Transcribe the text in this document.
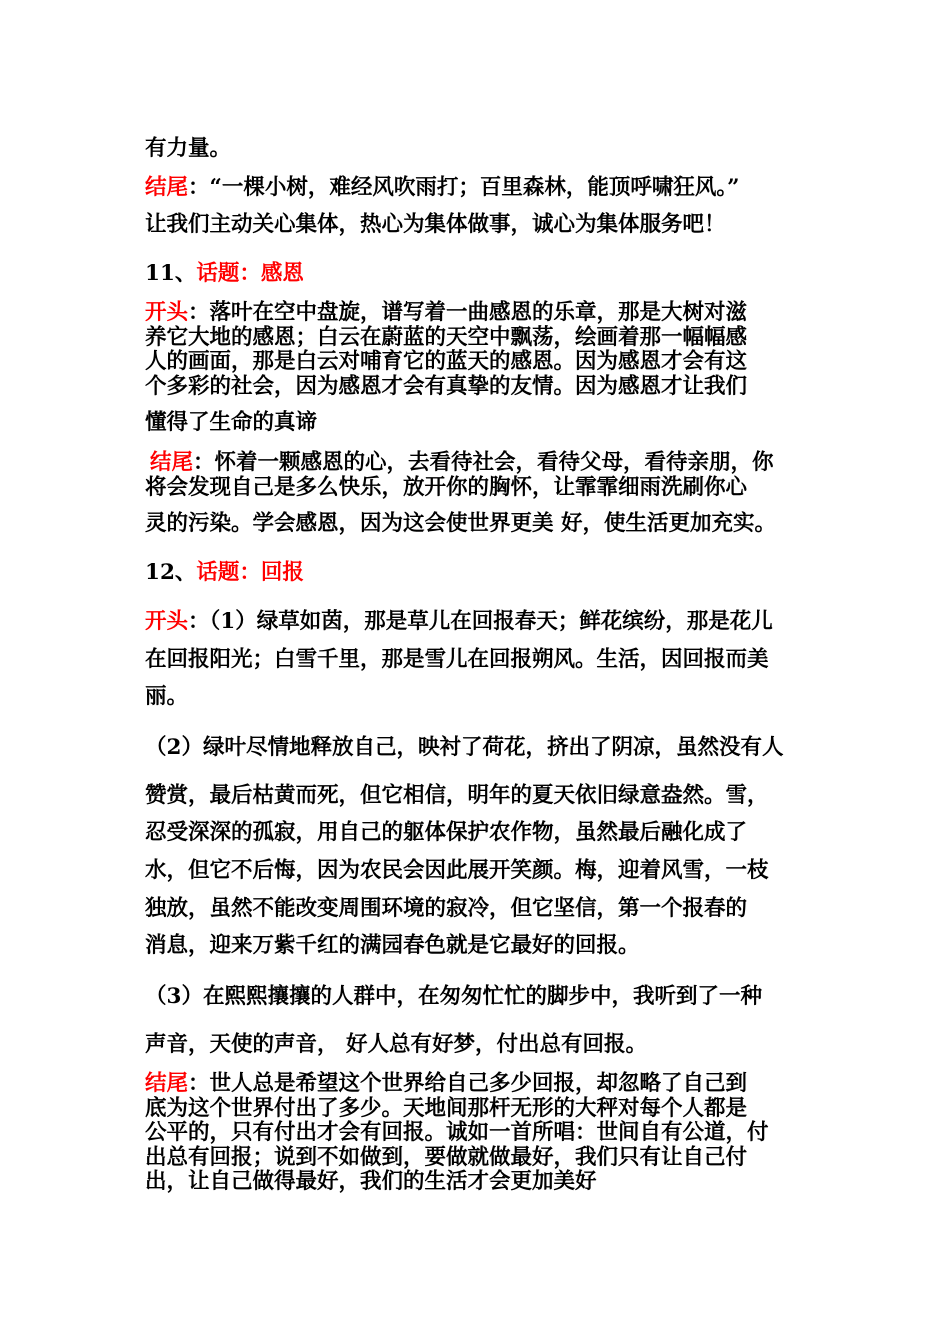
有力量。
结尾：“一棵小树，难经风吹雨打；百里森林，能顶呼啸狂风。”
让我们主动关心集体，热心为集体做事，诚心为集体服务吧！
11、话题：感恩
开头：落叶在空中盘旋，谱写着一曲感恩的乐章，那是大树对滋
养它大地的感恩；白云在蔚蓝的天空中飘荡，绘画着那一幅幅感
人的画面，那是白云对哺育它的蓝天的感恩。因为感恩才会有这
个多彩的社会，因为感恩才会有真挚的友情。因为感恩才让我们
懂得了生命的真谛
结尾：怀着一颗感恩的心，去看待社会，看待父母，看待亲朋，你
将会发现自己是多么快乐，放开你的胸怀，让霏霏细雨洗刷你心
灵的污染。学会感恩，因为这会使世界更美 好，使生活更加充实。
12、话题：回报
开头：（1）绿草如茵，那是草儿在回报春天；鲜花缤纷，那是花儿
在回报阳光；白雪千里，那是雪儿在回报朔风。生活，因回报而美
丽。
（2）绿叶尽情地释放自己，映衬了荷花，挤出了阴凉，虽然没有人
赞赏，最后枯黄而死，但它相信，明年的夏天依旧绿意盎然。雪，
忍受深深的孤寂，用自己的躯体保护农作物，虽然最后融化成了
水，但它不后悔，因为农民会因此展开笑颜。梅，迎着风雪，一枝
独放，虽然不能改变周围环境的寂冷，但它坚信，第一个报春的
消息，迎来万紫千红的满园春色就是它最好的回报。
（3）在熙熙攘攘的人群中，在匆匆忙忙的脚步中，我听到了一种
声音，天使的声音， 好人总有好梦，付出总有回报。
结尾：世人总是希望这个世界给自己多少回报，却忽略了自己到
底为这个世界付出了多少。天地间那杆无形的大秤对每个人都是
公平的，只有付出才会有回报。诚如一首所唱：世间自有公道，付
出总有回报；说到不如做到，要做就做最好，我们只有让自己付
出，让自己做得最好，我们的生活才会更加美好
